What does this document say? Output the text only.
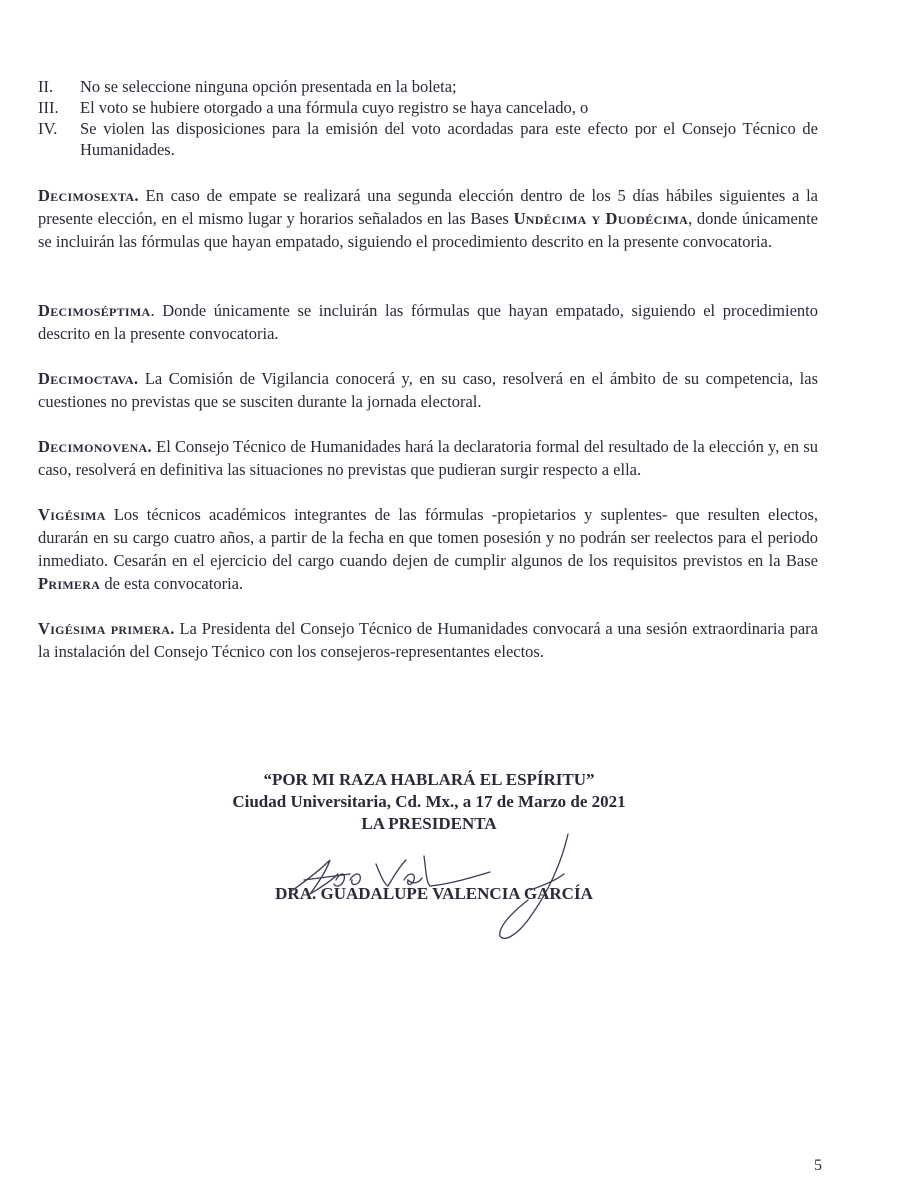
II.	No se seleccione ninguna opción presentada en la boleta;
III.	El voto se hubiere otorgado a una fórmula cuyo registro se haya cancelado, o
IV.	Se violen las disposiciones para la emisión del voto acordadas para este efecto por el Consejo Técnico de Humanidades.

Decimosexta. En caso de empate se realizará una segunda elección dentro de los 5 días hábiles siguientes a la presente elección, en el mismo lugar y horarios señalados en las Bases Undécima y Duodécima, donde únicamente se incluirán las fórmulas que hayan empatado, siguiendo el procedimiento descrito en la presente convocatoria.

Decimoséptima. Donde únicamente se incluirán las fórmulas que hayan empatado, siguiendo el procedimiento descrito en la presente convocatoria.

Decimoctava. La Comisión de Vigilancia conocerá y, en su caso, resolverá en el ámbito de su competencia, las cuestiones no previstas que se susciten durante la jornada electoral.

Decimonovena. El Consejo Técnico de Humanidades hará la declaratoria formal del resultado de la elección y, en su caso, resolverá en definitiva las situaciones no previstas que pudieran surgir respecto a ella.

Vigésima Los técnicos académicos integrantes de las fórmulas -propietarios y suplentes- que resulten electos, durarán en su cargo cuatro años, a partir de la fecha en que tomen posesión y no podrán ser reelectos para el periodo inmediato. Cesarán en el ejercicio del cargo cuando dejen de cumplir algunos de los requisitos previstos en la Base Primera de esta convocatoria.

Vigésima primera. La Presidenta del Consejo Técnico de Humanidades convocará a una sesión extraordinaria para la instalación del Consejo Técnico con los consejeros-representantes electos.

“POR MI RAZA HABLARÁ EL ESPÍRITU”
Ciudad Universitaria, Cd. Mx., a 17 de Marzo de 2021
LA PRESIDENTA
DRA. GUADALUPE VALENCIA GARCÍA
5
